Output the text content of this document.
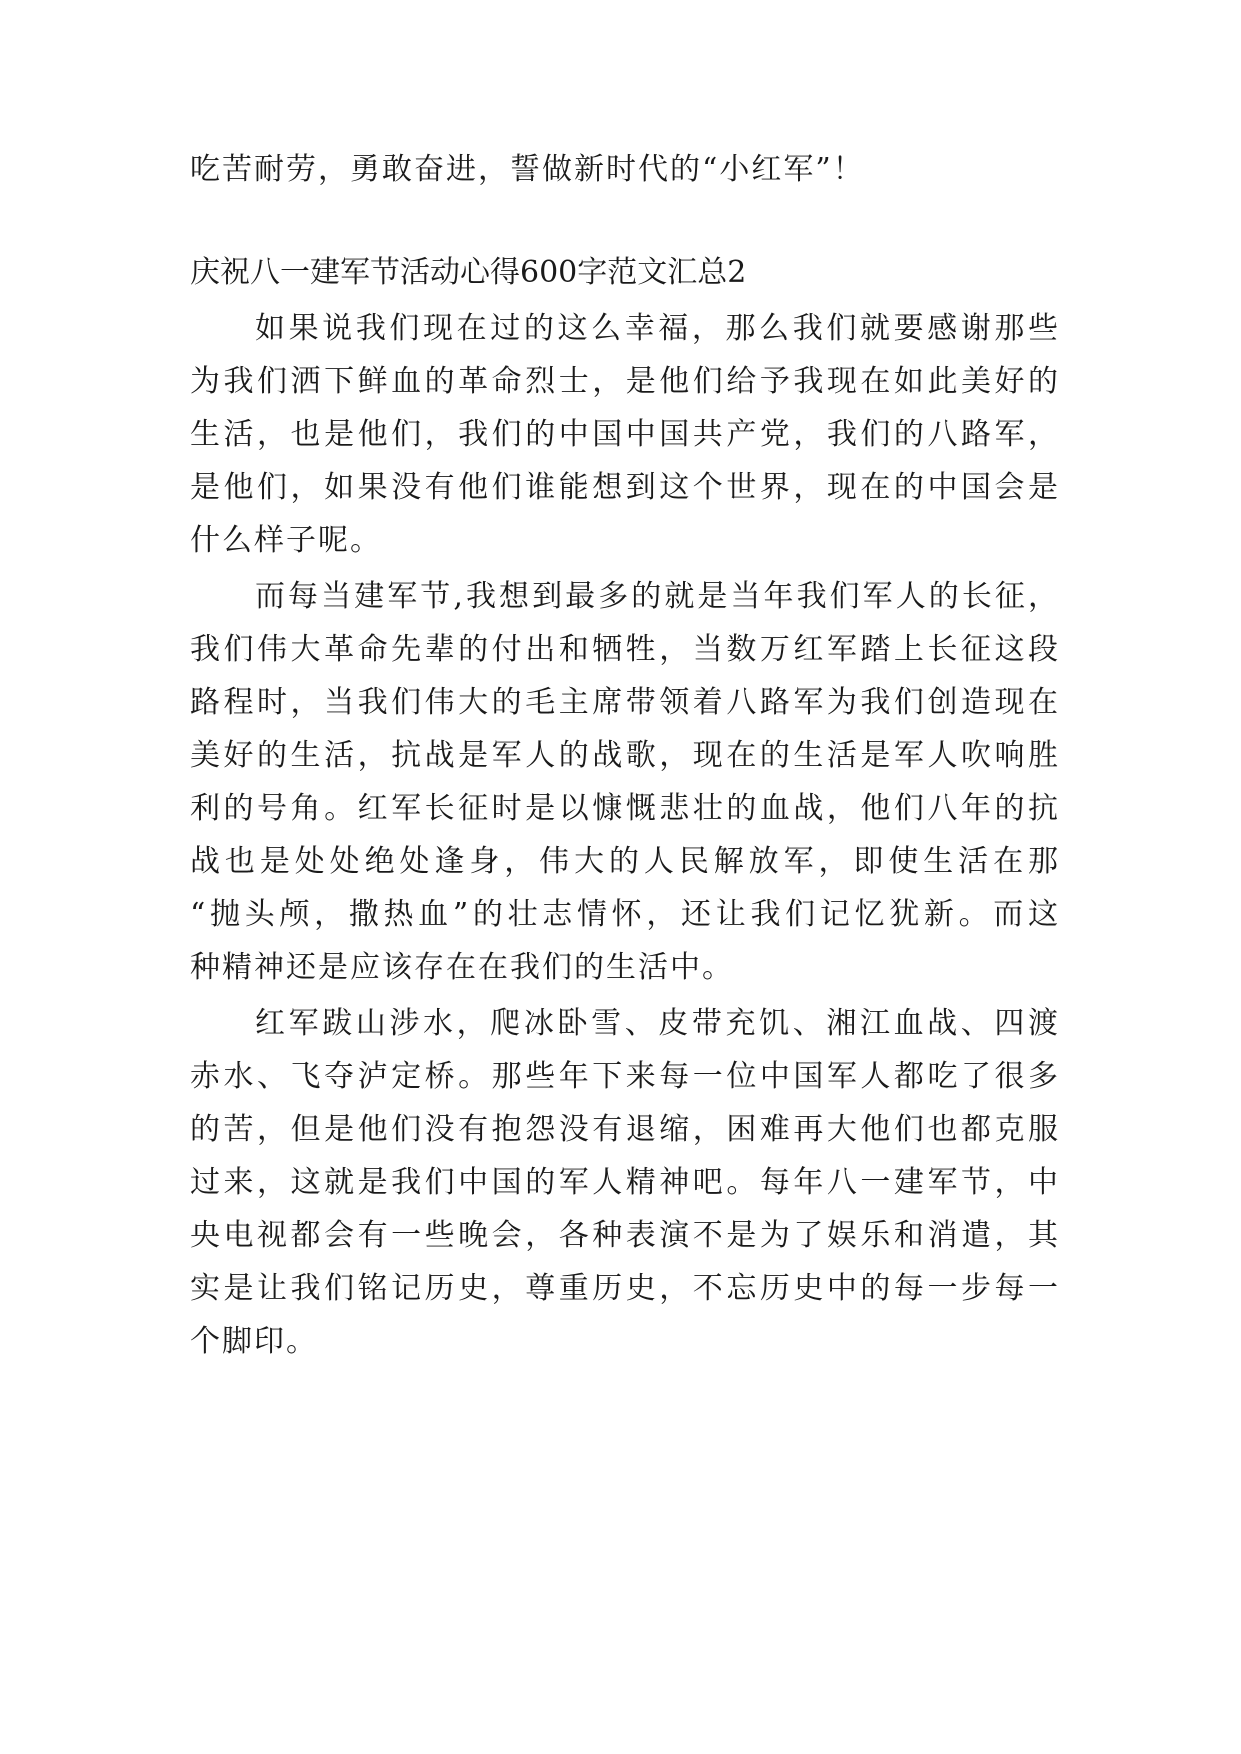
吃苦耐劳，勇敢奋进，誓做新时代的“小红军”！
庆祝八一建军节活动心得600字范文汇总2
如果说我们现在过的这么幸福，那么我们就要感谢那些
为我们洒下鲜血的革命烈士，是他们给予我现在如此美好的
生活，也是他们，我们的中国中国共产党，我们的八路军，
是他们，如果没有他们谁能想到这个世界，现在的中国会是
什么样子呢。
而每当建军节,我想到最多的就是当年我们军人的长征，
我们伟大革命先辈的付出和牺牲，当数万红军踏上长征这段
路程时，当我们伟大的毛主席带领着八路军为我们创造现在
美好的生活，抗战是军人的战歌，现在的生活是军人吹响胜
利的号角。红军长征时是以慷慨悲壮的血战，他们八年的抗
战也是处处绝处逢身，伟大的人民解放军，即使生活在那
“抛头颅，撒热血”的壮志情怀，还让我们记忆犹新。而这
种精神还是应该存在在我们的生活中。
红军跋山涉水，爬冰卧雪、皮带充饥、湘江血战、四渡
赤水、飞夺泸定桥。那些年下来每一位中国军人都吃了很多
的苦，但是他们没有抱怨没有退缩，困难再大他们也都克服
过来，这就是我们中国的军人精神吧。每年八一建军节，中
央电视都会有一些晚会，各种表演不是为了娱乐和消遣，其
实是让我们铭记历史，尊重历史，不忘历史中的每一步每一
个脚印。
